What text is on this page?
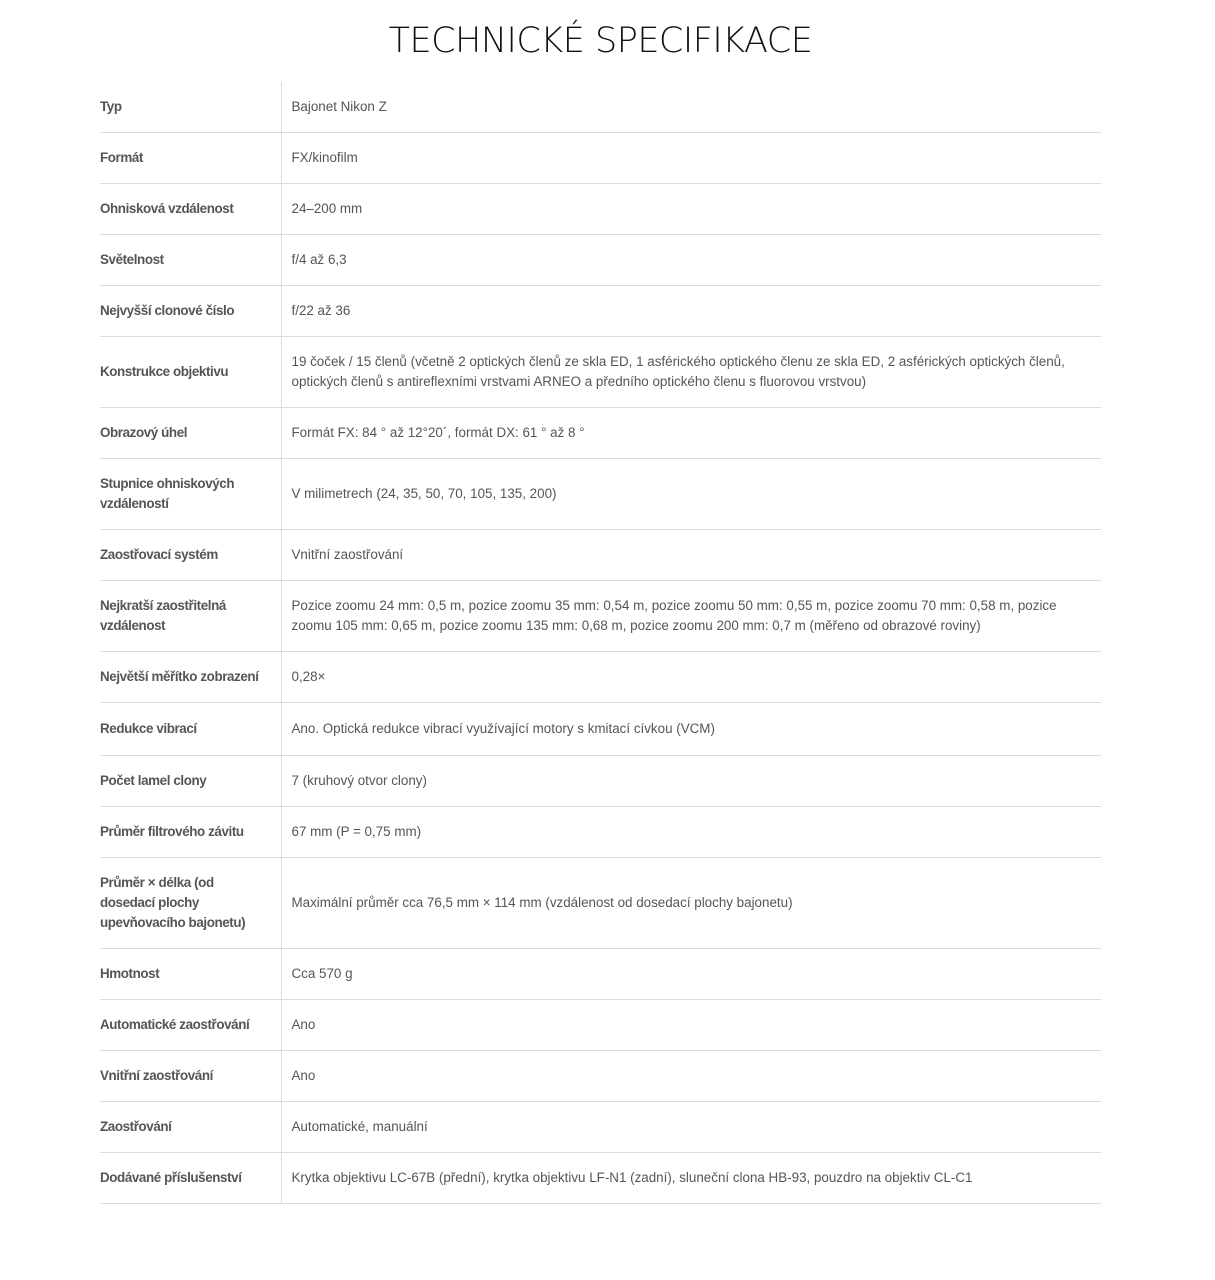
TECHNICKÉ SPECIFIKACE
Typ	Bajonet Nikon Z
Formát	FX/kinofilm
Ohnisková vzdálenost	24–200 mm
Světelnost	f/4 až 6,3
Nejvyšší clonové číslo	f/22 až 36
Konstrukce objektivu	19 čoček / 15 členů (včetně 2 optických členů ze skla ED, 1 asférického optického členu ze skla ED, 2 asférických optických členů, optických členů s antireflexními vrstvami ARNEO a předního optického členu s fluorovou vrstvou)
Obrazový úhel	Formát FX: 84 ° až 12°20´, formát DX: 61 ° až 8 °
Stupnice ohniskových vzdáleností	V milimetrech (24, 35, 50, 70, 105, 135, 200)
Zaostřovací systém	Vnitřní zaostřování
Nejkratší zaostřitelná vzdálenost	Pozice zoomu 24 mm: 0,5 m, pozice zoomu 35 mm: 0,54 m, pozice zoomu 50 mm: 0,55 m, pozice zoomu 70 mm: 0,58 m, pozice zoomu 105 mm: 0,65 m, pozice zoomu 135 mm: 0,68 m, pozice zoomu 200 mm: 0,7 m (měřeno od obrazové roviny)
Největší měřítko zobrazení	0,28×
Redukce vibrací	Ano. Optická redukce vibrací využívající motory s kmitací cívkou (VCM)
Počet lamel clony	7 (kruhový otvor clony)
Průměr filtrového závitu	67 mm (P = 0,75 mm)
Průměr × délka (od dosedací plochy upevňovacího bajonetu)	Maximální průměr cca 76,5 mm × 114 mm (vzdálenost od dosedací plochy bajonetu)
Hmotnost	Cca 570 g
Automatické zaostřování	Ano
Vnitřní zaostřování	Ano
Zaostřování	Automatické, manuální
Dodávané příslušenství	Krytka objektivu LC-67B (přední), krytka objektivu LF-N1 (zadní), sluneční clona HB-93, pouzdro na objektiv CL-C1
